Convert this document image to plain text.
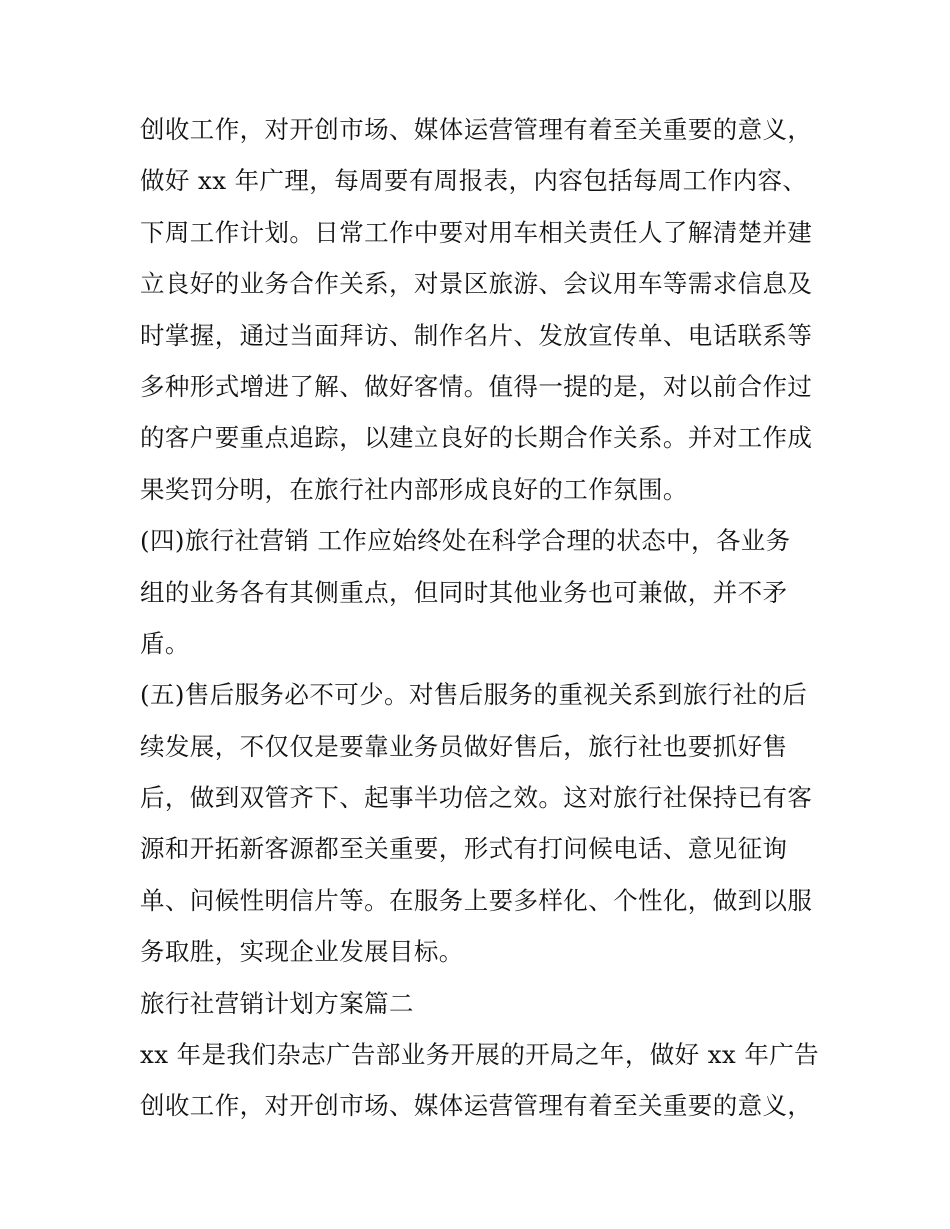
创收工作，对开创市场、媒体运营管理有着至关重要的意义，
做好 xx 年广理，每周要有周报表，内容包括每周工作内容、
下周工作计划。日常工作中要对用车相关责任人了解清楚并建
立良好的业务合作关系，对景区旅游、会议用车等需求信息及
时掌握，通过当面拜访、制作名片、发放宣传单、电话联系等
多种形式增进了解、做好客情。值得一提的是，对以前合作过
的客户要重点追踪，以建立良好的长期合作关系。并对工作成
果奖罚分明，在旅行社内部形成良好的工作氛围。
(四)旅行社营销 工作应始终处在科学合理的状态中，各业务
组的业务各有其侧重点，但同时其他业务也可兼做，并不矛
盾。
(五)售后服务必不可少。对售后服务的重视关系到旅行社的后
续发展，不仅仅是要靠业务员做好售后，旅行社也要抓好售
后，做到双管齐下、起事半功倍之效。这对旅行社保持已有客
源和开拓新客源都至关重要，形式有打问候电话、意见征询
单、问候性明信片等。在服务上要多样化、个性化，做到以服
务取胜，实现企业发展目标。
旅行社营销计划方案篇二
xx 年是我们杂志广告部业务开展的开局之年，做好 xx 年广告
创收工作，对开创市场、媒体运营管理有着至关重要的意义，
